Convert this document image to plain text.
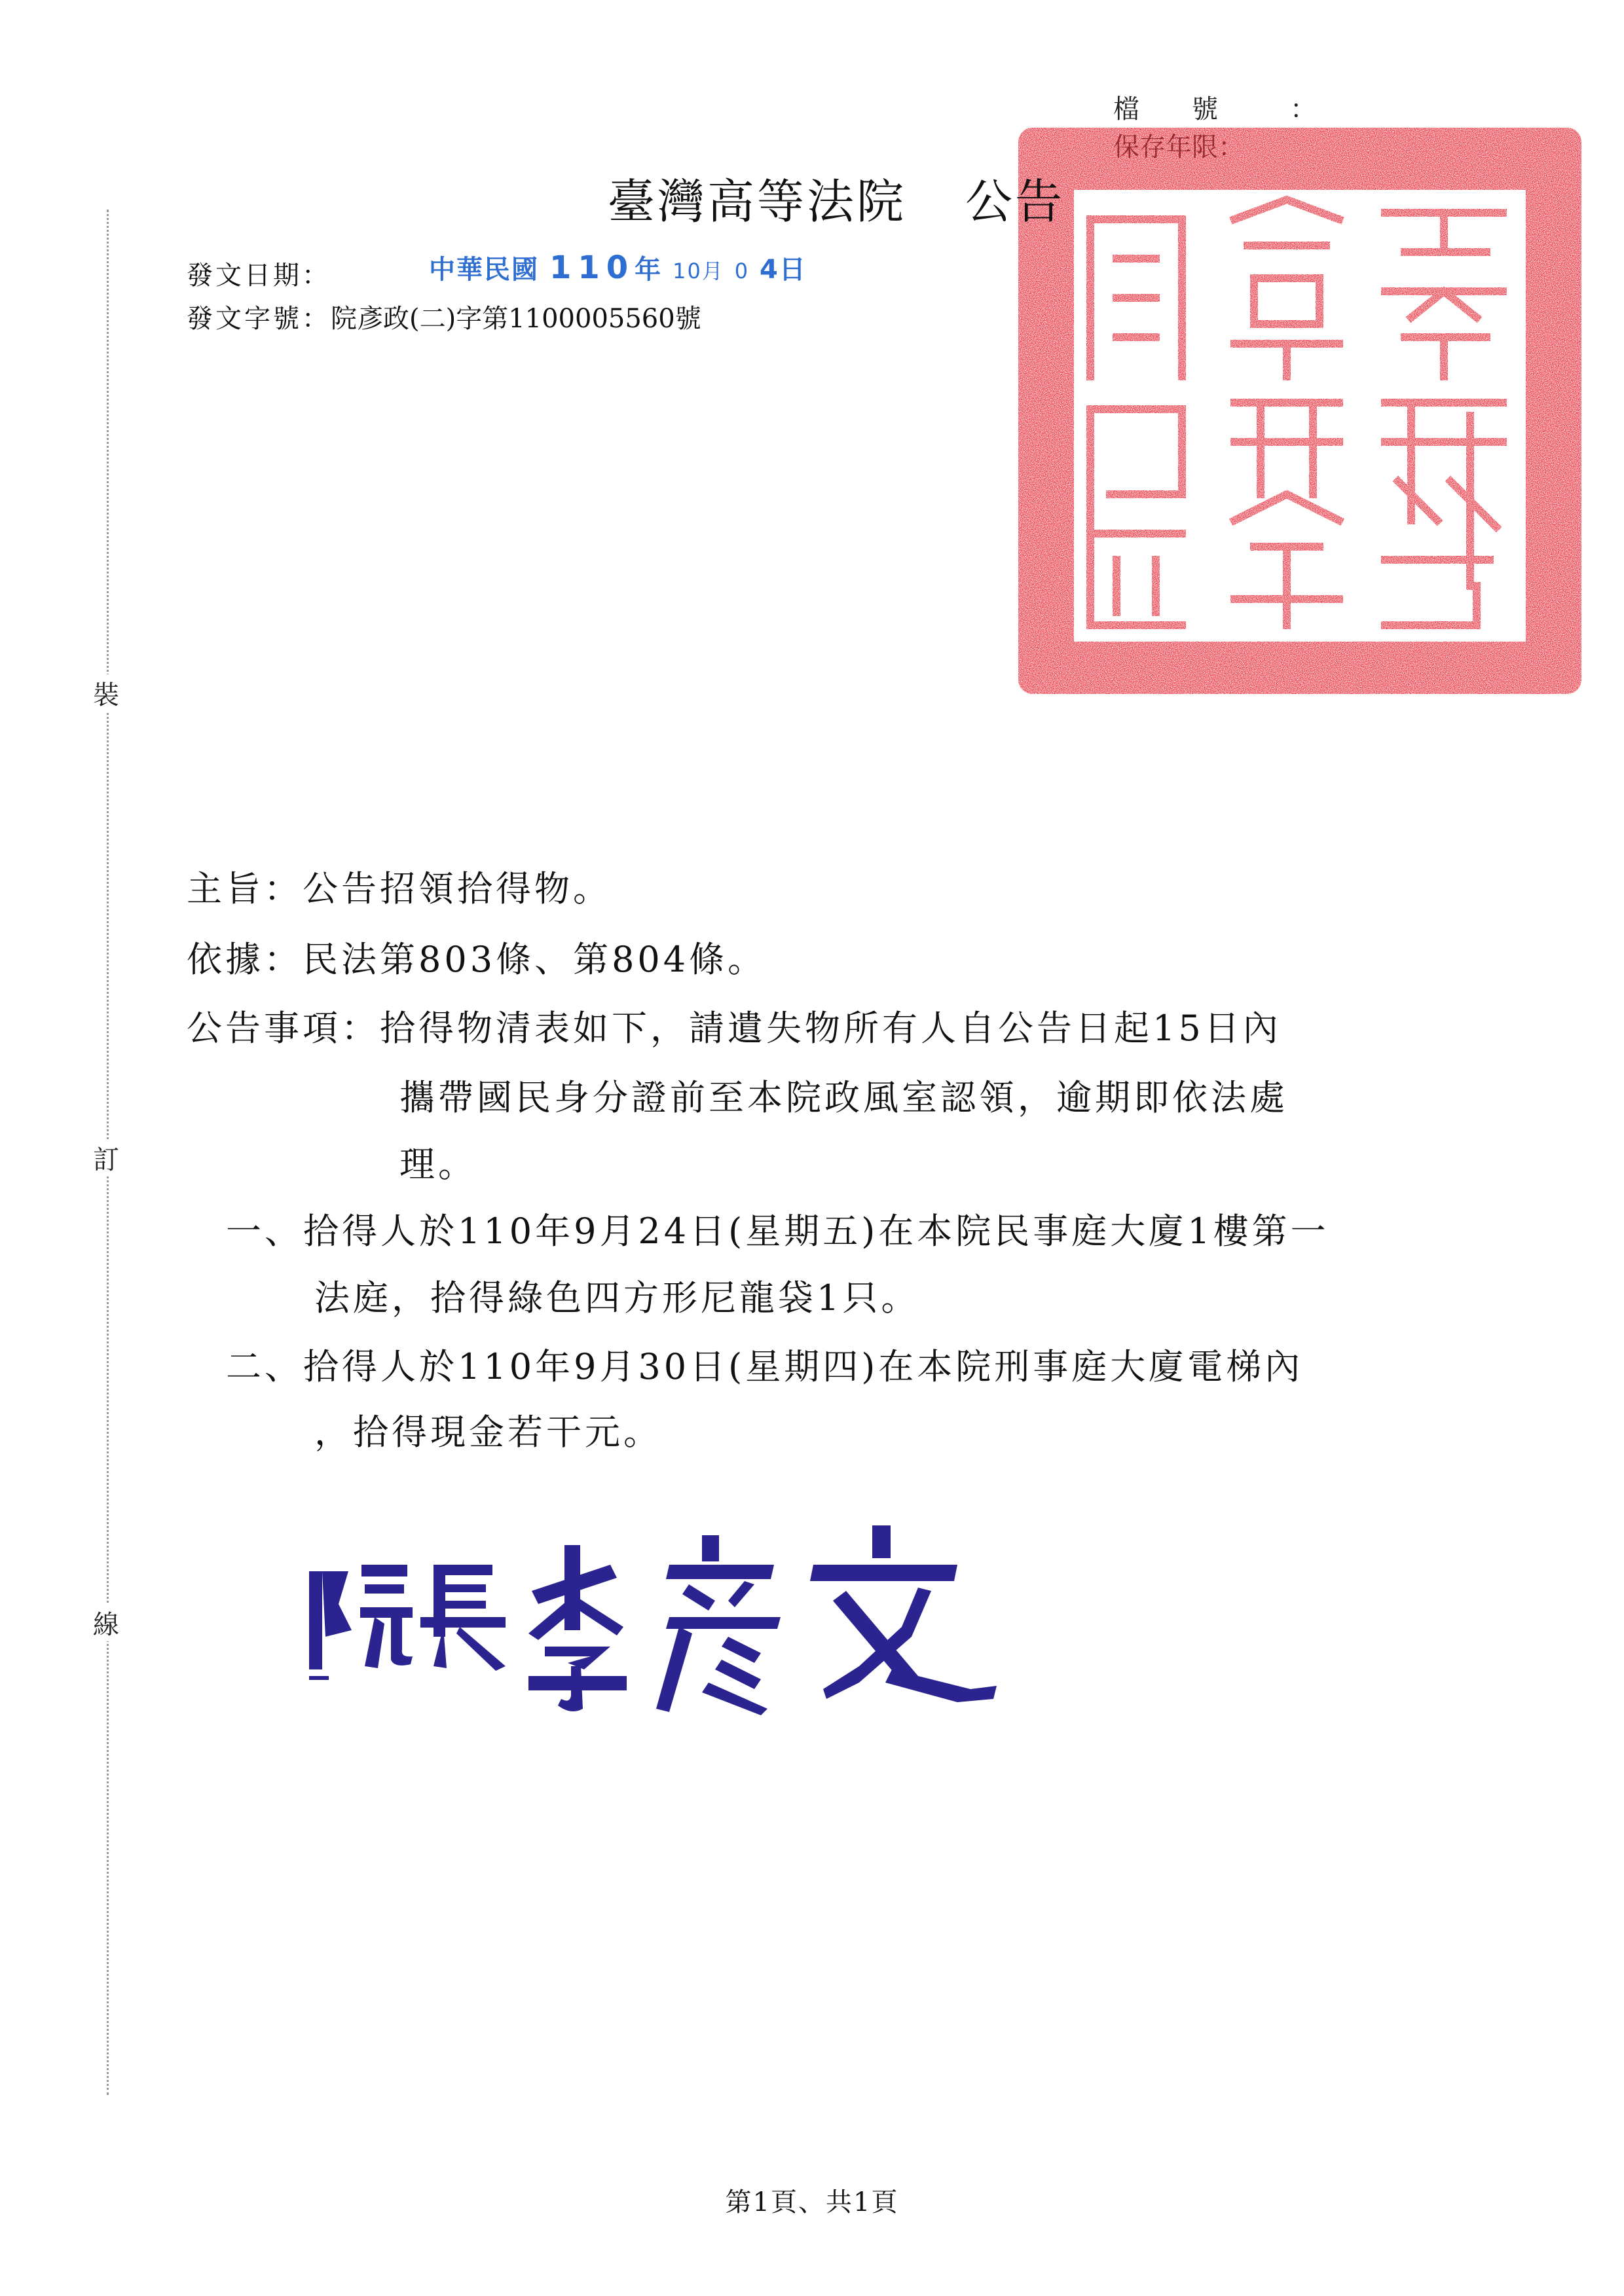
裝
訂
線
檔號 ：
臺灣高等法院 公告
發文日期：
發文字號：院彥政(二)字第1100005560號
中華民國 110年 10月 0 4日
主旨：公告招領拾得物。
依據：民法第803條、第804條。
公告事項：拾得物清表如下，請遺失物所有人自公告日起15日內
攜帶國民身分證前至本院政風室認領，逾期即依法處
理。
一、拾得人於110年9月24日(星期五)在本院民事庭大廈1樓第一
法庭，拾得綠色四方形尼龍袋1只。
二、拾得人於110年9月30日(星期四)在本院刑事庭大廈電梯內
，拾得現金若干元。
第1頁、共1頁
